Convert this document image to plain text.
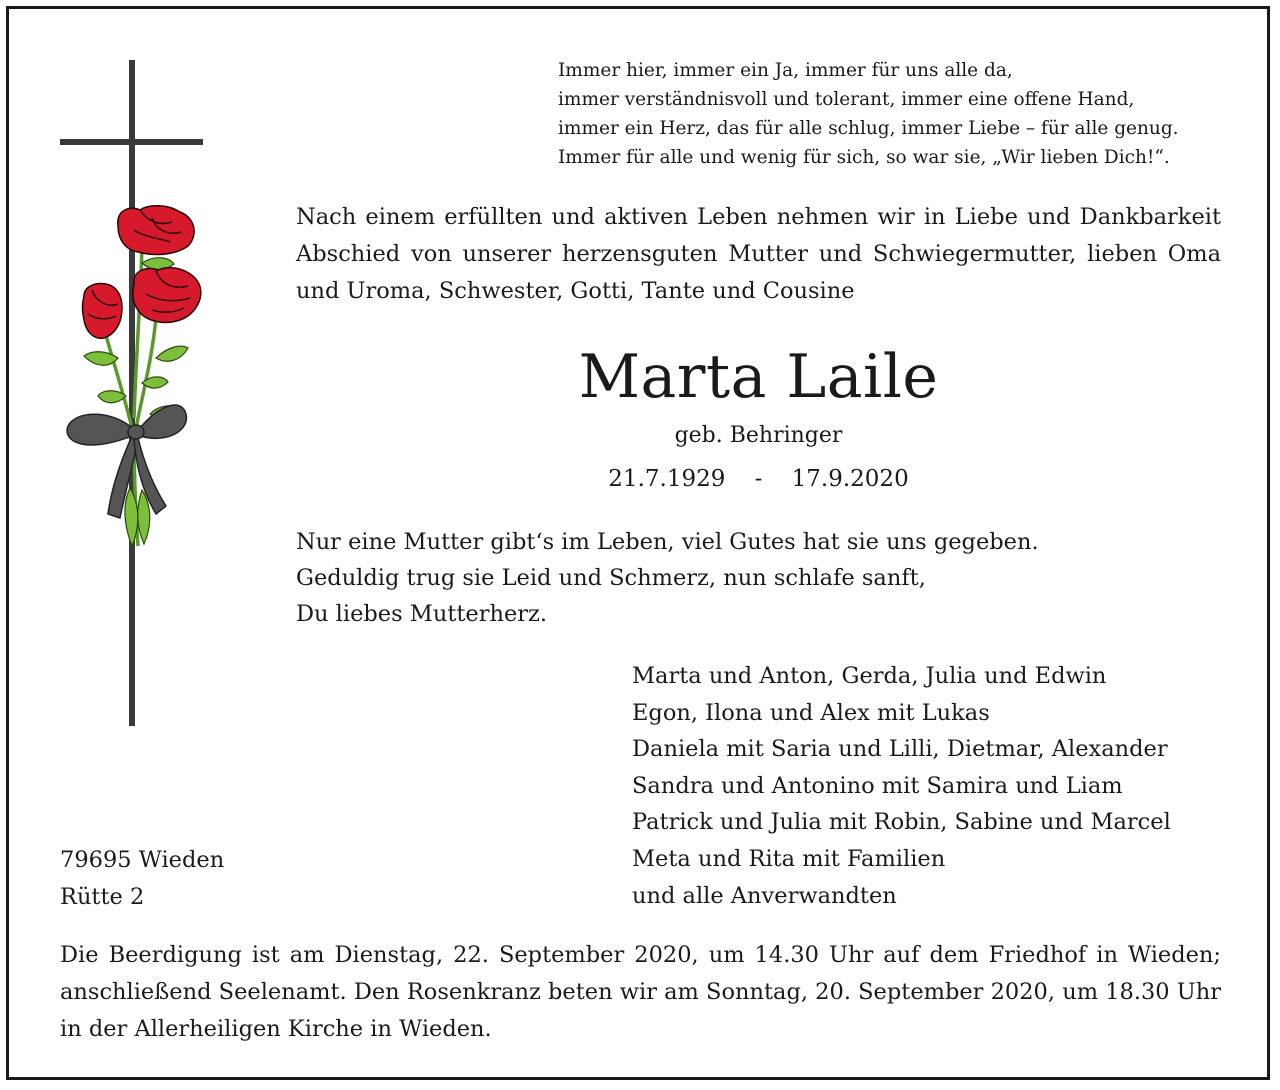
Immer hier, immer ein Ja, immer für uns alle da,
immer verständnisvoll und tolerant, immer eine offene Hand,
immer ein Herz, das für alle schlug, immer Liebe – für alle genug.
Immer für alle und wenig für sich, so war sie, „Wir lieben Dich!“.
Nach einem erfüllten und aktiven Leben nehmen wir in Liebe und Dankbarkeit
Abschied von unserer herzensguten Mutter und Schwiegermutter, lieben Oma
und Uroma, Schwester, Gotti, Tante und Cousine
Marta Laile
geb. Behringer
21.7.1929 - 17.9.2020
Nur eine Mutter gibt‘s im Leben, viel Gutes hat sie uns gegeben.
Geduldig trug sie Leid und Schmerz, nun schlafe sanft,
Du liebes Mutterherz.
Marta und Anton, Gerda, Julia und Edwin
Egon, Ilona und Alex mit Lukas
Daniela mit Saria und Lilli, Dietmar, Alexander
Sandra und Antonino mit Samira und Liam
Patrick und Julia mit Robin, Sabine und Marcel
Meta und Rita mit Familien
und alle Anverwandten
79695 Wieden
Rütte 2
Die Beerdigung ist am Dienstag, 22. September 2020, um 14.30 Uhr auf dem Friedhof in Wieden;
anschließend Seelenamt. Den Rosenkranz beten wir am Sonntag, 20. September 2020, um 18.30 Uhr
in der Allerheiligen Kirche in Wieden.
